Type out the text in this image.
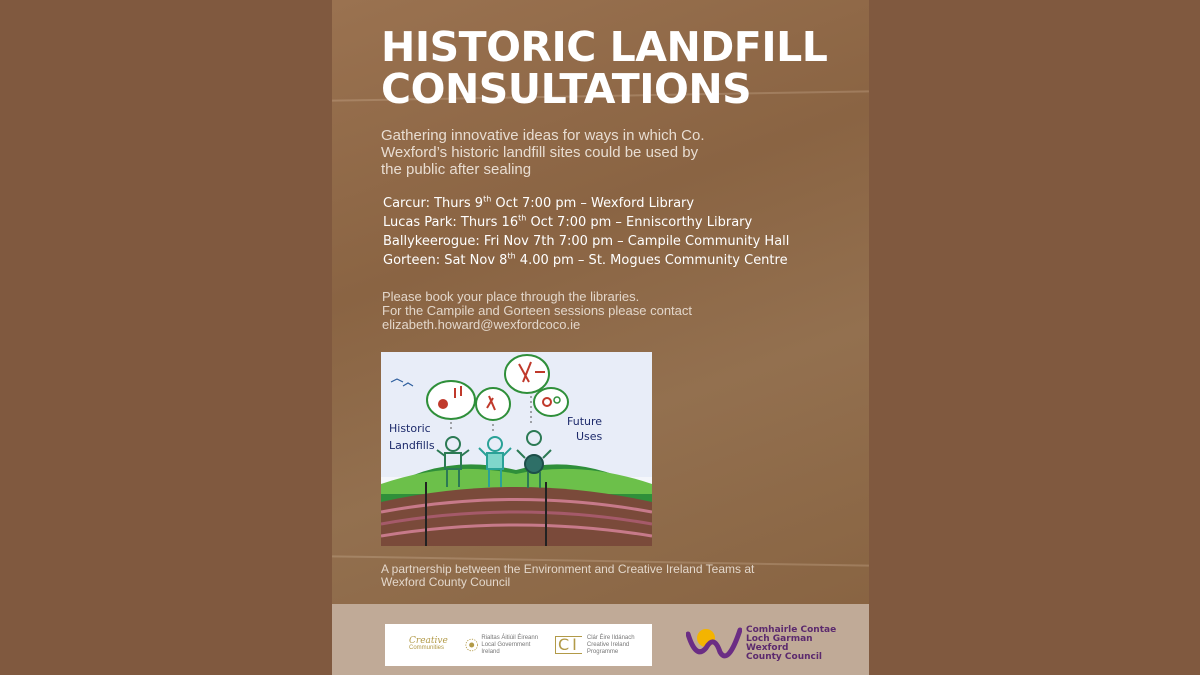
HISTORIC LANDFILL
CONSULTATIONS
Gathering innovative ideas for ways in which Co.
Wexford’s historic landfill sites could be used by
the public after sealing
Carcur: Thurs 9th Oct 7:00 pm – Wexford Library
Lucas Park: Thurs 16th Oct 7:00 pm – Enniscorthy Library
Ballykeerogue: Fri Nov 7th 7:00 pm – Campile Community Hall
Gorteen: Sat Nov 8th 4.00 pm – St. Mogues Community Centre
Please book your place through the libraries.
For the Campile and Gorteen sessions please contact
elizabeth.howard@wexfordcoco.ie
Historic
Landfills
Future
Uses
A partnership between the Environment and Creative Ireland Teams at
Wexford County Council
Creative
Communities
Rialtas Áitiúil Éireann
Local Government Ireland	CI	Clár Éire Ildánach
Creative Ireland
Programme
Comhairle Contae
Loch Garman
Wexford
County Council
